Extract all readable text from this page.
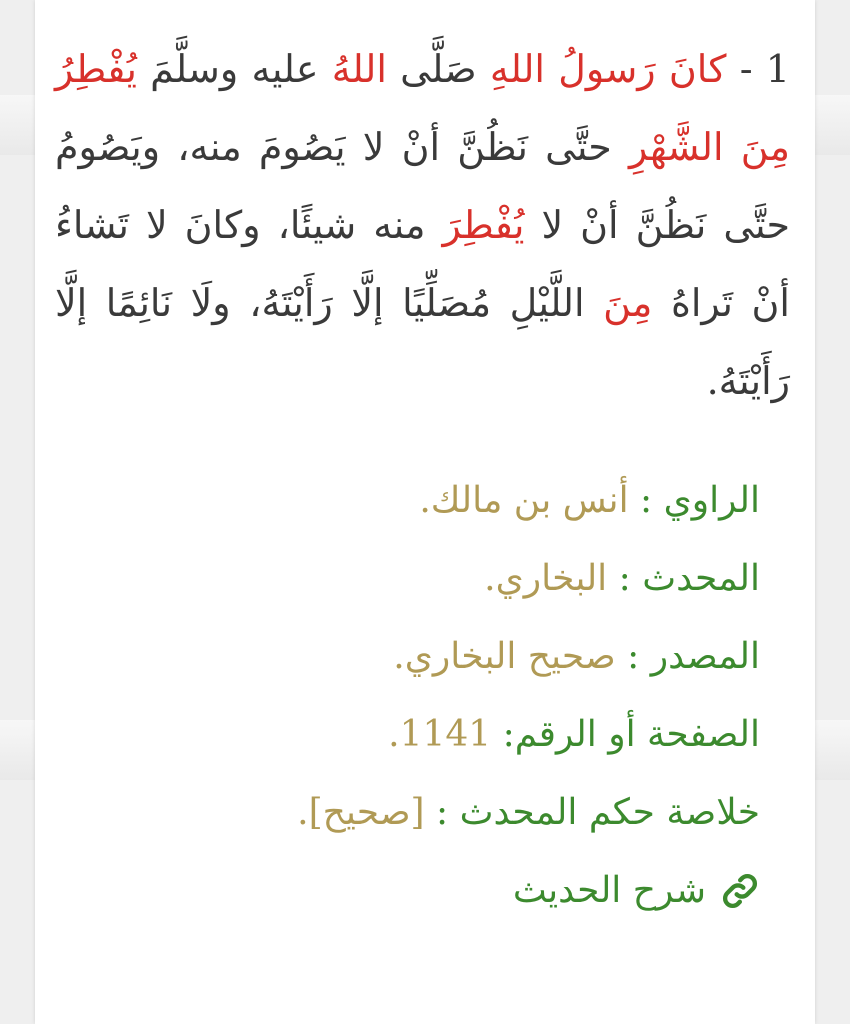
1 - كانَ رَسولُ اللهِ صَلَّى اللهُ عليه وسلَّمَ يُفْطِرُ مِنَ الشَّهْرِ حتَّى نَظُنَّ أنْ لا يَصُومَ منه، ويَصُومُ حتَّى نَظُنَّ أنْ لا يُفْطِرَ منه شيئًا، وكانَ لا تَشاءُ أنْ تَراهُ مِنَ اللَّيْلِ مُصَلِّيًا إلَّا رَأَيْتَهُ، ولَا نَائِمًا إلَّا رَأَيْتَهُ.

الراوي : أنس بن مالك.
المحدث : البخاري.
المصدر : صحيح البخاري.
الصفحة أو الرقم: 1141.
خلاصة حكم المحدث : [صحيح].
شرح الحديث
